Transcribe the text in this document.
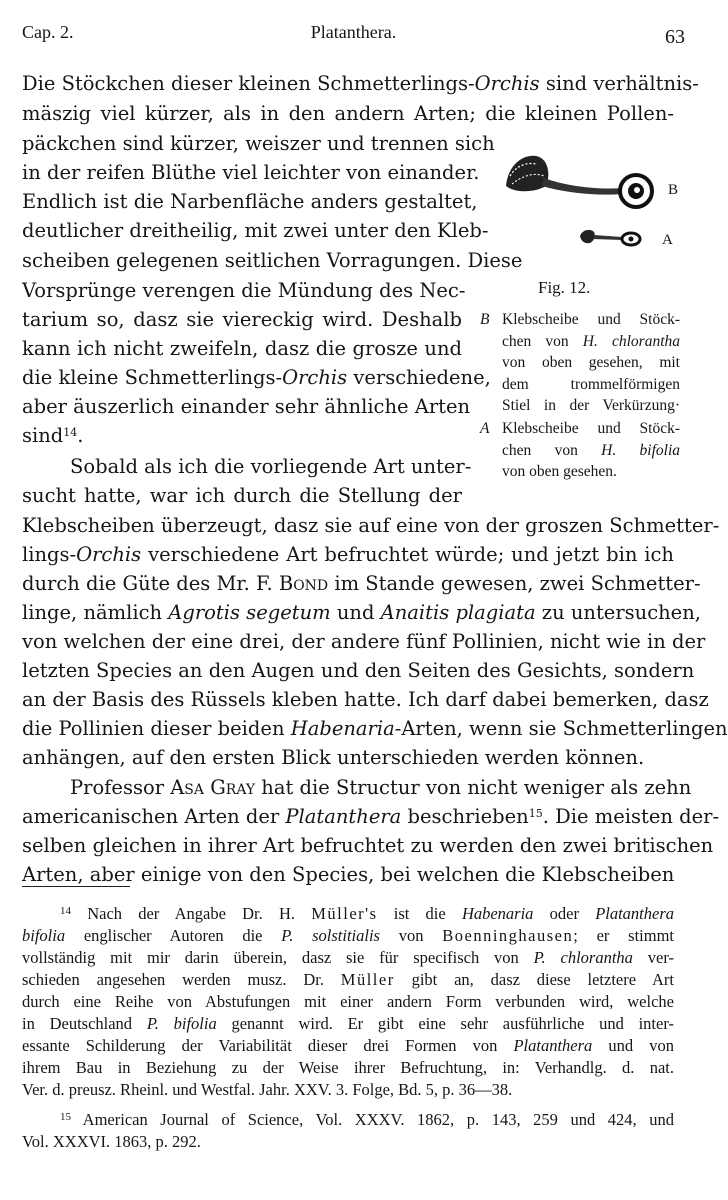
Cap. 2.	Platanthera.	63
Die Stöckchen dieser kleinen Schmetterlings-Orchis sind verhältnis-
mäszig viel kürzer, als in den andern Arten; die kleinen Pollen-
päckchen sind kürzer, weiszer und trennen sich
in der reifen Blüthe viel leichter von einander.
Endlich ist die Narbenfläche anders gestaltet,
deutlicher dreitheilig, mit zwei unter den Kleb-
scheiben gelegenen seitlichen Vorragungen. Diese
Vorsprünge verengen die Mündung des Nec-
tarium so, dasz sie viereckig wird. Deshalb
kann ich nicht zweifeln, dasz die grosze und
die kleine Schmetterlings-Orchis verschiedene,
aber äuszerlich einander sehr ähnliche Arten
sind$^{14}$.
Sobald als ich die vorliegende Art unter-
sucht hatte, war ich durch die Stellung der
Klebscheiben überzeugt, dasz sie auf eine von der groszen Schmetter-
lings-Orchis verschiedene Art befruchtet würde; und jetzt bin ich
durch die Güte des Mr. F. Bond im Stande gewesen, zwei Schmetter-
linge, nämlich Agrotis segetum und Anaitis plagiata zu untersuchen,
von welchen der eine drei, der andere fünf Pollinien, nicht wie in der
letzten Species an den Augen und den Seiten des Gesichts, sondern
an der Basis des Rüssels kleben hatte. Ich darf dabei bemerken, dasz
die Pollinien dieser beiden Habenaria-Arten, wenn sie Schmetterlingen
anhängen, auf den ersten Blick unterschieden werden können.
Professor Asa Gray hat die Structur von nicht weniger als zehn
americanischen Arten der Platanthera beschrieben$^{15}$. Die meisten der-
selben gleichen in ihrer Art befruchtet zu werden den zwei britischen
Arten, aber einige von den Species, bei welchen die Klebscheiben
B
A
Fig. 12.
B Klebscheibe und Stöck-
chen von H. chlorantha
von oben gesehen, mit
dem trommelförmigen
Stiel in der Verkürzung·
A Klebscheibe und Stöck-
chen von H. bifolia
von oben gesehen.
$^{14}$ Nach der Angabe Dr. H. Müller's ist die Habenaria oder Platanthera
bifolia englischer Autoren die P. solstitialis von Boenninghausen; er stimmt
vollständig mit mir darin überein, dasz sie für specifisch von P. chlorantha ver-
schieden angesehen werden musz. Dr. Müller gibt an, dasz diese letztere Art
durch eine Reihe von Abstufungen mit einer andern Form verbunden wird, welche
in Deutschland P. bifolia genannt wird. Er gibt eine sehr ausführliche und inter-
essante Schilderung der Variabilität dieser drei Formen von Platanthera und von
ihrem Bau in Beziehung zu der Weise ihrer Befruchtung, in: Verhandlg. d. nat.
Ver. d. preusz. Rheinl. und Westfal. Jahr. XXV. 3. Folge, Bd. 5, p. 36—38.
$^{15}$ American Journal of Science, Vol. XXXV. 1862, p. 143, 259 und 424, und
Vol. XXXVI. 1863, p. 292.
